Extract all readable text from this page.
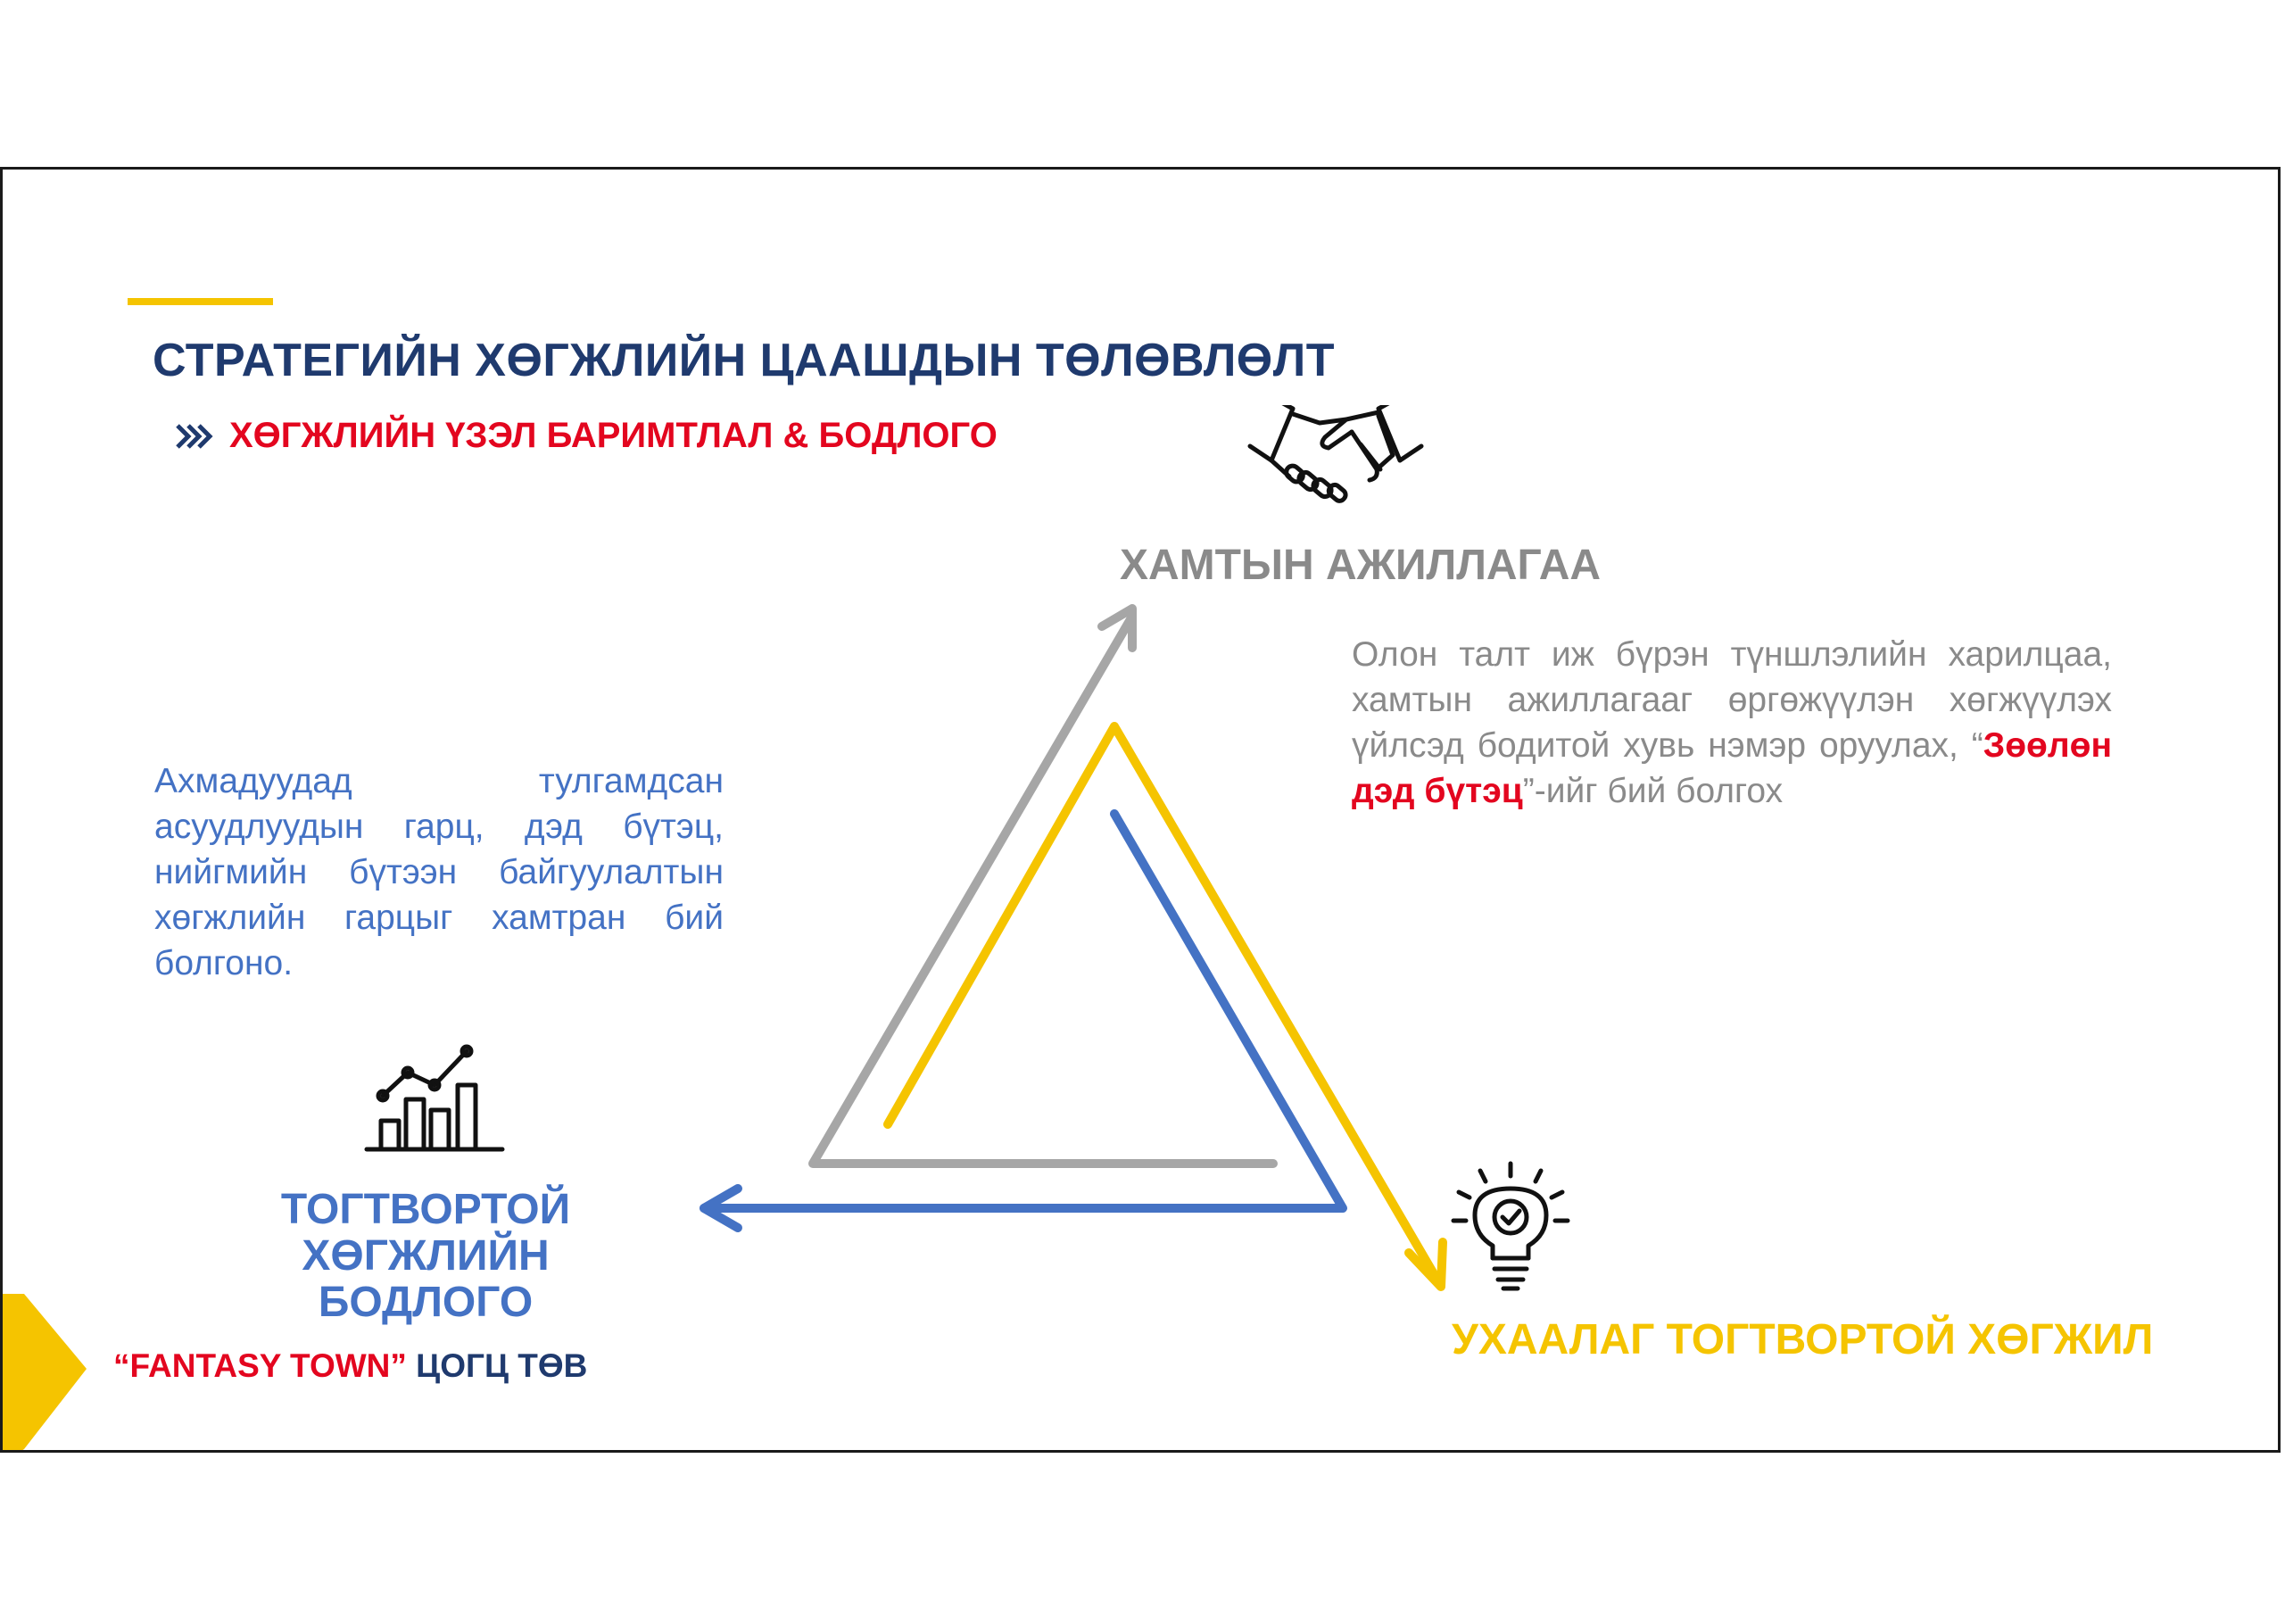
СТРАТЕГИЙН ХӨГЖЛИЙН ЦААШДЫН ТӨЛӨВЛӨЛТ
ХӨГЖЛИЙН ҮЗЭЛ БАРИМТЛАЛ & БОДЛОГО
ХАМТЫН АЖИЛЛАГАА

Олон талт иж бүрэн түншлэлийн харилцаа, хамтын ажиллагааг өргөжүүлэн хөгжүүлэх үйлсэд бодитой хувь нэмэр оруулах, “Зөөлөн дэд бүтэц”-ийг бий болгох

Ахмадуудад тулгамдсан асуудлуудын гарц, дэд бүтэц, нийгмийн бүтээн байгуулалтын хөгжлийн гарцыг хамтран бий болгоно.

ТОГТВОРТОЙ ХӨГЖЛИЙН БОДЛОГО
УХААЛАГ ТОГТВОРТОЙ ХӨГЖИЛ
“FANTASY TOWN” ЦОГЦ ТӨВ
